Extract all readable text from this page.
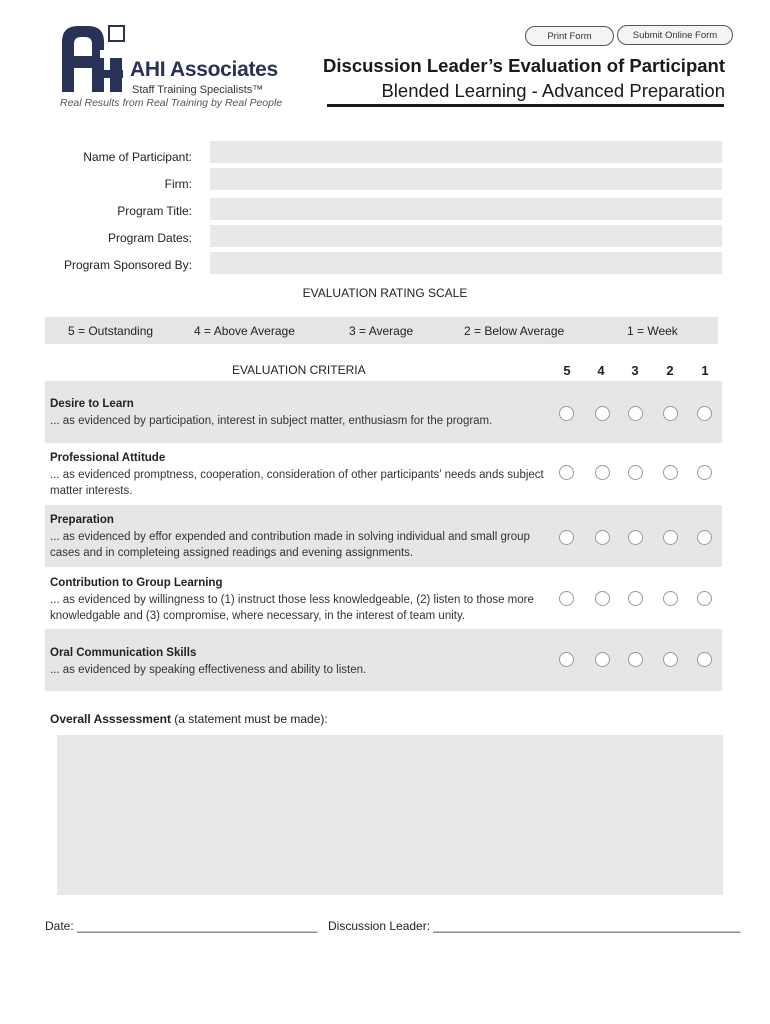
AHI Associates
Staff Training Specialists™
Real Results from Real Training by Real People
Print Form	Submit Online Form
Discussion Leader’s Evaluation of Participant
Blended Learning - Advanced Preparation
Name of Participant:
Firm:
Program Title:
Program Dates:
Program Sponsored By:
EVALUATION RATING SCALE
5 = Outstanding	4 = Above Average	3 = Average	2 = Below Average	1 = Week
EVALUATION CRITERIA	5	4	3	2	1
Desire to Learn
... as evidenced by participation, interest in subject matter, enthusiasm for the program.
Professional Attitude
... as evidenced promptness, cooperation, consideration of other participants’ needs ands subject matter interests.
Preparation
... as evidenced by effor expended and contribution made in solving individual and small group cases and in completeing assigned readings and evening assignments.
Contribution to Group Learning
... as evidenced by willingness to (1) instruct those less knowledgeable, (2) listen to those more knowledgable and (3) compromise, where necessary, in the interest of team unity.
Oral Communication Skills
... as evidenced by speaking effectiveness and ability to listen.
Overall Asssessment (a statement must be made):
Date: ____________________________________ Discussion Leader: ______________________________________________
